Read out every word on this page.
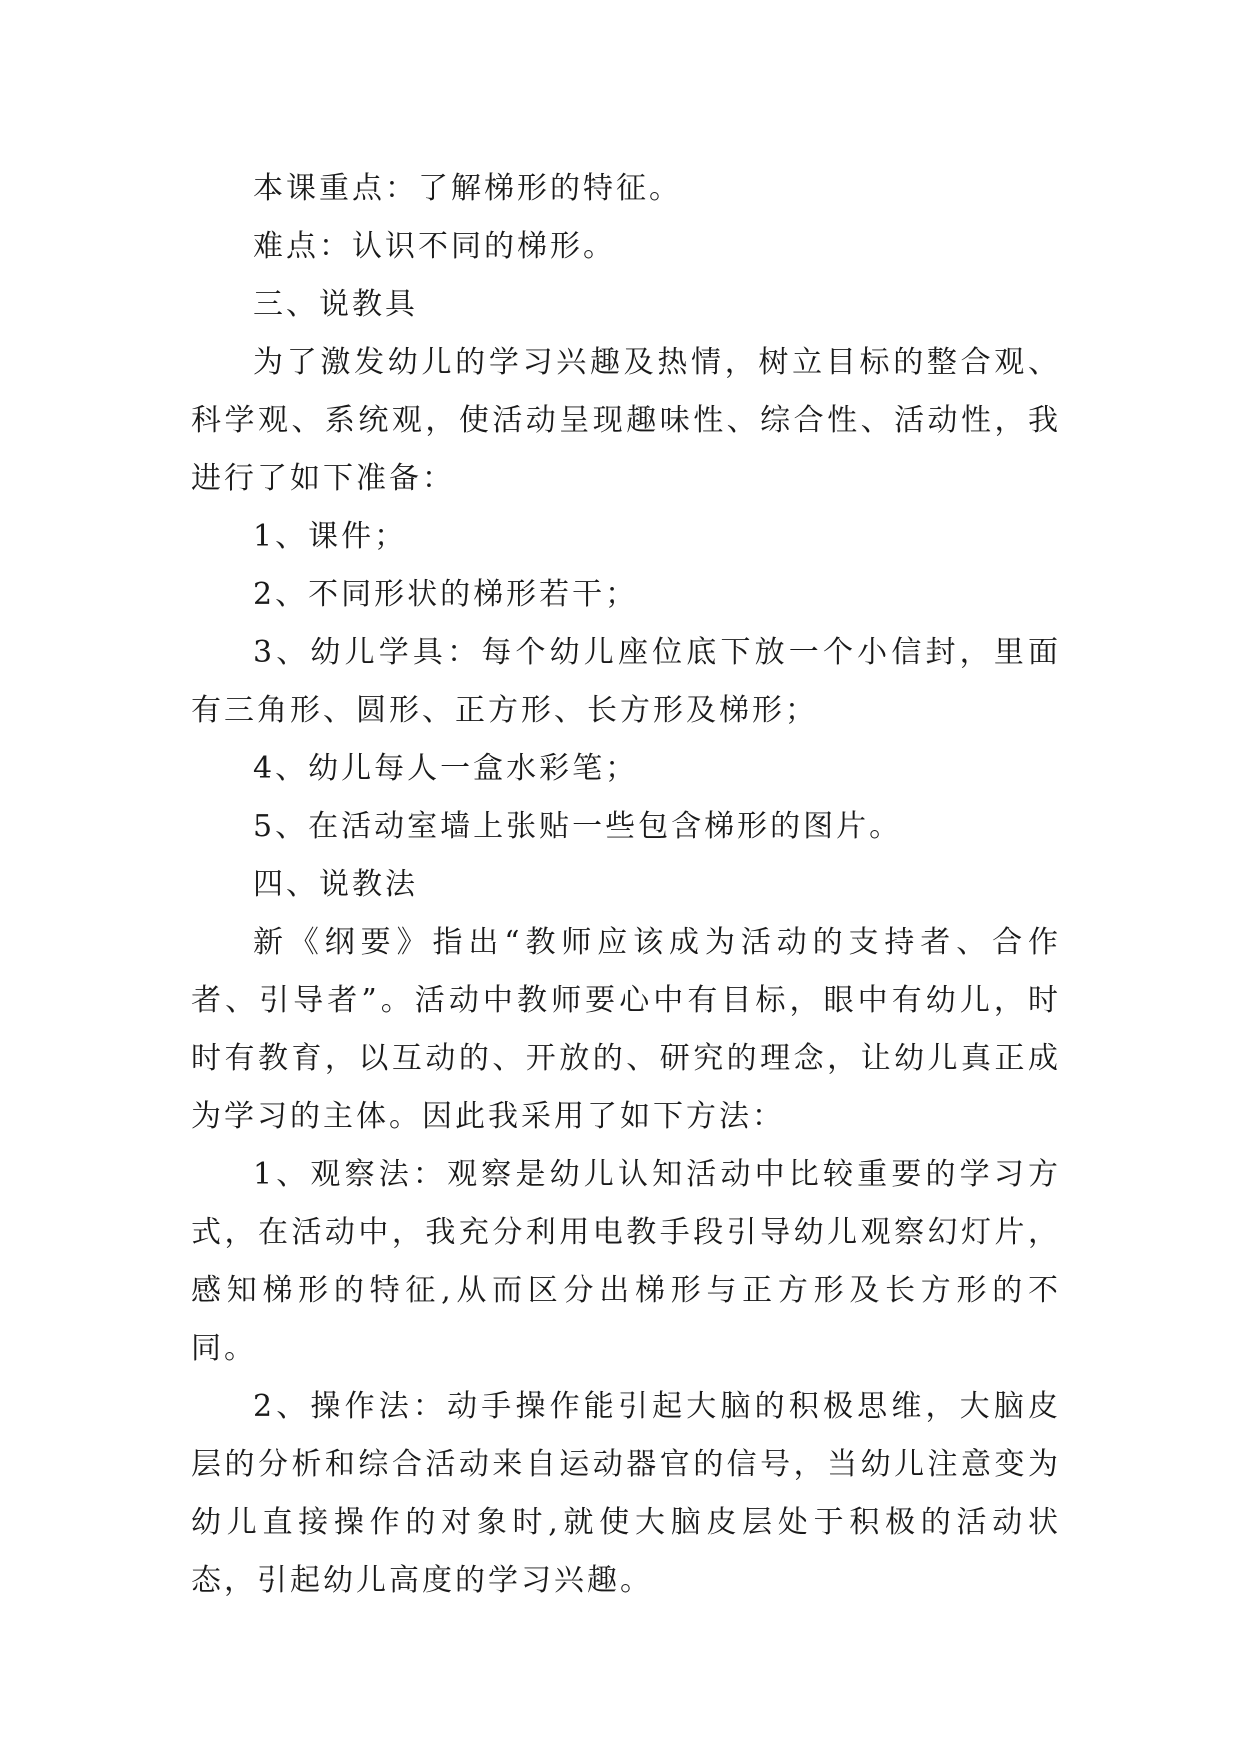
本课重点：了解梯形的特征。

难点：认识不同的梯形。

三、说教具

为了激发幼儿的学习兴趣及热情，树立目标的整合观、科学观、系统观，使活动呈现趣味性、综合性、活动性，我进行了如下准备：

1、课件；

2、不同形状的梯形若干；

3、幼儿学具：每个幼儿座位底下放一个小信封，里面有三角形、圆形、正方形、长方形及梯形；

4、幼儿每人一盒水彩笔；

5、在活动室墙上张贴一些包含梯形的图片。

四、说教法

新《纲要》指出“教师应该成为活动的支持者、合作者、引导者”。活动中教师要心中有目标，眼中有幼儿，时时有教育，以互动的、开放的、研究的理念，让幼儿真正成为学习的主体。因此我采用了如下方法：

1、观察法：观察是幼儿认知活动中比较重要的学习方式，在活动中，我充分利用电教手段引导幼儿观察幻灯片，感知梯形的特征,从而区分出梯形与正方形及长方形的不同。

2、操作法：动手操作能引起大脑的积极思维，大脑皮层的分析和综合活动来自运动器官的信号，当幼儿注意变为幼儿直接操作的对象时,就使大脑皮层处于积极的活动状态，引起幼儿高度的学习兴趣。
